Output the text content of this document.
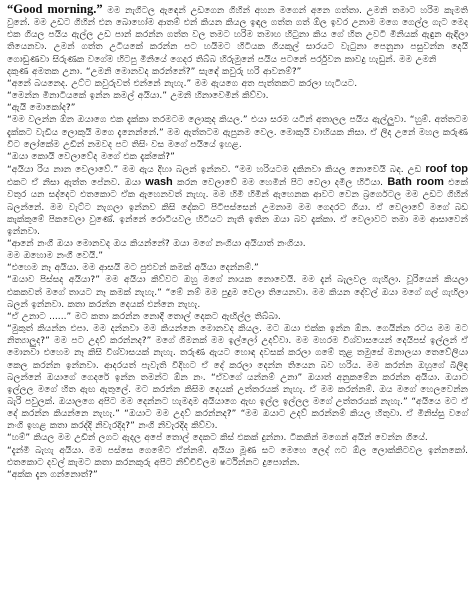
“Good morning.” මම නැගිටල ඇඳෙන් උඩගෙන ගිහින් අහන මගෙන් අනෙ ගත්තා. උමනි තමාට හරිම කැමති වුනේ. මම උඩට ගිහින් එන බොහෝම ආතම් එන් කියන කියල ඉඳල ගත්ත ගත් ඕල ඉවර උනාම මගෙ ගෙල්ල ගැට මෙද එක ගියල පයිය ඇල්ල උඩ පාන් කරන්න ගත්ත වල තමට හරිම තමාහ හිටුනා කිය ගේ හිත උවටි මිනියක් ඇඳුන ඇඳිලා තියෙනවා. උමන් ගත්ත උටියකේ කරන්න පට හයිමට හිටියක ගියකුල් සාරයට වැටුනා පෙනුනා පසුවන්න දෙයි ගොඩුණවා සිරුණක වගේම හිටපු මිනියේ ගෙදර තිබ්බ හිරුමුනේ පයිය පටනේ පර්රුවන කාවදු හැඩුන්. මම උමනි

දකුණ අමතක උනා. “උමනි මොනවද කරන්නේ?” සැඳේ කවුරු හරි ආවනම්?”

“අනේ බයනෙද. උට්ට කවුරුවත් එන්නේ නැහැ.” මම ඇයගෙ අත පැත්තකට කරලා හැටියට.

“මෙන්න මිනාටියකේ ඉන්න කමල් අයියා.” උමනි හිනාවෙමින් කිව්වා.

“ඇයි මොකෝද?”

“මම වලන්න ඕන ඔයාගෙ එක දැක්කා තරමටම ලොකුද කියල.” එයා සරම යටින් අතාලල පයිය ඇල්ලුවා. “හුම්. අත්තටම දැක්කට වැඩිය ලොකුයි මගෙ දැනෙන්නේ.” මම ඇත්තටම ඇපුනම වෙල. මොකුයි වාහියක නිසා. ඒ ලිද උනේ මහල කරුණ විට ලෝකේම උඩින් නමවද පට තිසිං වස මගේ පයියේ ඉහළ.

“ඔයා කොයි වෙලාවේද මගේ එක දැක්කේ?”

“අයියා රිය නාන වෙලාවේ.” මම ඇය දිහා බලන් ඉන්නව. “මම හරියටම දකිනවා කියල නොවෙයි බඳ. උඩ roof top එකට ඒ නිසා ඇත්ත පේනව. ඔයා wash කරන වෙලාවේ මම හෙමින් පිට වෙලා දමීල හිටියා. Bath room එකේ වතුර යන සද්දෙට එතකොට ඒක ඇහෙනවත් නැහැ. මම හිමි හිමින් ඇහෙනක ආවට වෙන බ්‍රර්ගෙටල මම උඩට ගිහින් බලන්නේ. මම වැට්ට නැගලා ඉන්නව කිසි දේකට පිටිපස්සෙන් උමනාම මම ගෙදරට ගියා. ඒ වෙලාවේ මගේ බඩ කැක්කුමේ පිකවෙලා වුණේ. ඉන්නේ රොටියවල හිටියට නැති ඉතින ඔයා බව දැක්කා. ඒ වෙලාවට තමා මම ආසාවෙන් ඉන්නවා.

“ආනේ නංගී ඔයා මොනවද ඔය කියන්නේ? ඔයා මගේ නංගියා අයියාත් නංගියා.

මම ඔහොම නංගී වෙයි.”

“එහෙම නෑ අයියා. මම ආසයි මට පුළුවන් කමක් අයියා දෙන්නම්.”

“ඔයාව පිස්සද අයියා?” මම අයියා කිව්වට ඔහු මගේ නායක නොවෙයි. මම දැන් බැලවල ගැහිලා. වූරියෙන් කියලා එකකවත් මගේ තායට නෑ කමක් නැහැ.” “මේ නම් මම පුදුම වෙලා තියෙනවා. මම කියන දේවල් ඔයා මගේ ගල් ගැහිලා බලන් ඉන්නවා. කතා කරන්න දෙයක් එන්නෙ නැහැ.

“ඒ උනාට ......” මට කතා කරන්න නොදී තොල් දෙකට ඇඟිල්ල තිබ්බා.

“මුකුත් කියන්න එපා. මම දන්නවා මම කියන්නෙ මොනවද කියල. මට ඔයා එක්ක ඉන්න ඕන. ගෙයින්න රටය මම මට නිත්‍යාලුද?” මම පට උදව් කරන්නද?” මගේ ගිමනක් මම ඉල්ලෝ උදව්වා. මම මහරම විශ්වාසයෙන් දෙයිපස් ඉල්ලන් ඒ මොනවා එහෙම නෑ කිසි විශ්වාසයක් නැහැ. තරුණ ඇයට හොඳ දවසක් කරලා ගමේ තුළ තමුසේ මනාලයා තෙවේලියා කෙල කරන්න ඉන්නවා. ආදරයත් පැවැති විදිහට ඒ දේ කරලා දෙන්න තියෙන බව හරිය. මම කරන්න ඔහුගේ බිලිඳ බලන්නේ ඔයාගේ ගෙදරේ ඉන්න තමන්ට ඕන නං. “ඒවගේ යන්නම් උනා” ඔයාත් අනුකමේන කරන්න අයියා. ඔයාට ඉල්ලල මගේ හිත ඇඟ ඇතුලේ. මට කරන්න කිසිම දෙයක් උත්තරයක් නැහැ. ඒ මම කරන්නම්. ඔය මගේ හෙලවෙන්න බැරි පවුලක්. ඔයාලගෙ අපිට මම දෙන්නට හැමදාම අයියාගෙ ඇඟ ඉල්ල ඉල්ලල මගේ උත්තරයක් නැහැ.” “අයියෙ මට ඒ දේ කරන්න කියන්නෙ නැහැ.” “ඔයාට මම උදව් කරන්නද?” “මම ඔයාට උදව් කරන්නම් කියල හිතුවා. ඒ මිනිස්සු වගේ නංගි ඉහළ කතා කරද්දි නිවැරදිද?” නංගි නිවැරදිද කිව්වා.

“හම්” කියල මම උඩින් ලගට ඇදල අපේ තොල් දෙකට කිස් එකක් දුන්නා. ටිකකින් මගෙන් අයින් වෙන්න ගියේ.

“දැන්මි බැහැ අයියා. මම පස්සෙ ගෙමේට ඒන්නම්. අයියා මූණ සට මෙහෙ ලෙද් ෆට ඕල ලොක්කිටවල ඉන්නකෝ. එතකොට දවල් කැමට කතා කරනකුරු අපිට නිච්චිවිලම ෂර්ටින්නට දුපොන්න.

“අක්ක දැන ගන්නොත්?”
